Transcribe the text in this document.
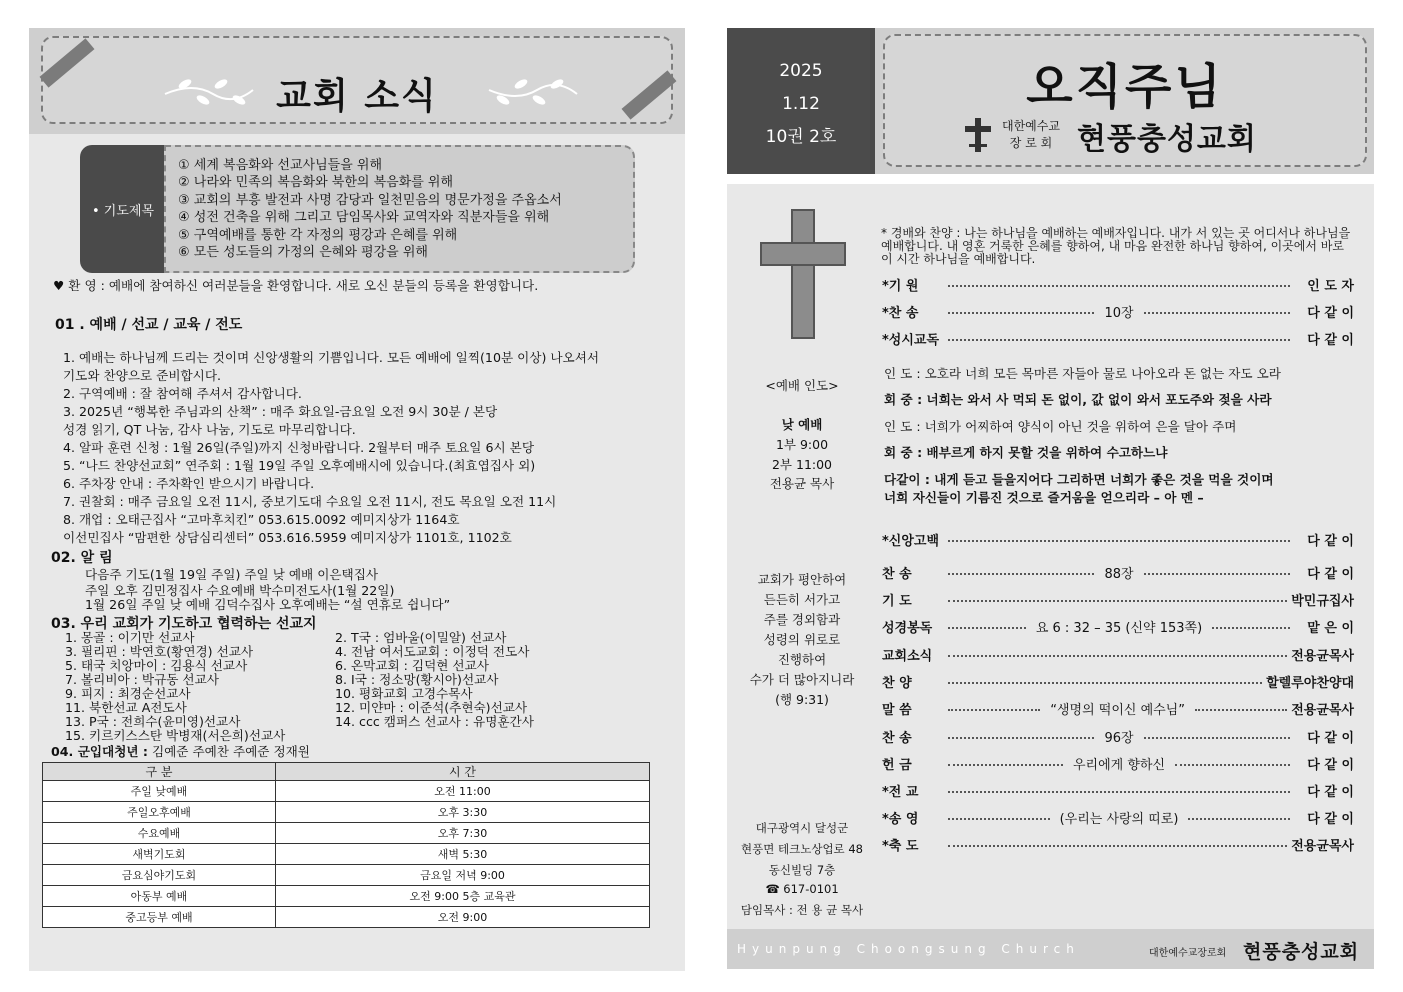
교회 소식
• 기도제목
① 세계 복음화와 선교사님들을 위해
② 나라와 민족의 복음화와 북한의 복음화를 위해
③ 교회의 부흥 발전과 사명 감당과 일천믿음의 명문가정을 주옵소서
④ 성전 건축을 위해 그리고 담임목사와 교역자와 직분자들을 위해
⑤ 구역예배를 통한 각 자정의 평강과 은혜를 위해
⑥ 모든 성도들의 가정의 은혜와 평강을 위해
♥ 환 영 : 예배에 참여하신 여러분들을 환영합니다. 새로 오신 분들의 등록을 환영합니다.
01 . 예배 / 선교 / 교육 / 전도
1. 예배는 하나님께 드리는 것이며 신앙생활의 기쁨입니다. 모든 예배에 일찍(10분 이상) 나오셔서
기도와 찬양으로 준비합시다.
2. 구역예배 : 잘 참여해 주셔서 감사합니다.
3. 2025년 “행복한 주님과의 산책” : 매주 화요일-금요일 오전 9시 30분 / 본당
성경 읽기, QT 나눔, 감사 나눔, 기도로 마무리합니다.
4. 알파 훈련 신청 : 1월 26일(주일)까지 신청바랍니다. 2월부터 매주 토요일 6시 본당
5. “나드 찬양선교회” 연주회 : 1월 19일 주일 오후예배시에 있습니다.(최효엽집사 외)
6. 주차장 안내 : 주차확인 받으시기 바랍니다.
7. 권찰회 : 매주 금요일 오전 11시, 중보기도대 수요일 오전 11시, 전도 목요일 오전 11시
8. 개업 : 오태근집사 “고마후치킨” 053.615.0092 예미지상가 1164호
이선민집사 “맘편한 상담심리센터” 053.616.5959 예미지상가 1101호, 1102호
02. 알 림
다음주 기도(1월 19일 주일) 주일 낮 예배 이은택집사
주일 오후 김민정집사 수요예배 박수미전도사(1월 22일)
1월 26일 주일 낮 예배 김덕수집사 오후예배는 “설 연휴로 쉽니다”
03. 우리 교회가 기도하고 협력하는 선교지
1. 몽골 : 이기만 선교사
3. 필리핀 : 박연호(황연경) 선교사
5. 태국 치앙마이 : 김용식 선교사
7. 볼리비아 : 박규동 선교사
9. 피지 : 최경순선교사
11. 북한선교 A전도사
13. P국 : 전희수(윤미영)선교사
15. 키르키스스탄 박병재(서은희)선교사
2. T국 : 엄바울(이밀알) 선교사
4. 전남 여서도교회 : 이정덕 전도사
6. 온막교회 : 김덕현 선교사
8. I국 : 정소망(황시아)선교사
10. 평화교회 고경수목사
12. 미얀마 : 이준석(추현숙)선교사
14. ccc 캠퍼스 선교사 : 유명훈간사
04. 군입대청년 : 김예준 주예찬 주예준 정재원
구 분	시 간
주일 낮예배	오전 11:00
주일오후예배	오후 3:30
수요예배	오후 7:30
새벽기도회	새벽 5:30
금요심야기도회	금요일 저녁 9:00
아동부 예배	오전 9:00 5층 교육관
중고등부 예배	오전 9:00
2025
1.12
10권 2호
오직주님
대한예수교
장 로 회 현풍충성교회
<예배 인도>
낮 예배
1부 9:00
2부 11:00
전용균 목사
교회가 평안하여
든든히 서가고
주를 경외함과
성령의 위로로
진행하여
수가 더 많아지니라
(행 9:31)
대구광역시 달성군
현풍면 테크노상업로 48
동신빌딩 7층
☎ 617-0101
담임목사 : 전 용 균 목사
* 경배와 찬양 : 나는 하나님을 예배하는 예배자입니다. 내가 서 있는 곳 어디서나 하나님을 예배합니다. 내 영혼 거룩한 은혜를 향하여, 내 마음 완전한 하나님 향하여, 이곳에서 바로 이 시간 하나님을 예배합니다.
*기 원	인 도 자
*찬 송	10장	다 같 이
*성시교독	다 같 이
인 도 : 오호라 너희 모든 목마른 자들아 물로 나아오라 돈 없는 자도 오라
회 중 : 너희는 와서 사 먹되 돈 없이, 값 없이 와서 포도주와 젖을 사라
인 도 : 너희가 어찌하여 양식이 아닌 것을 위하여 은을 달아 주며
회 중 : 배부르게 하지 못할 것을 위하여 수고하느냐
다같이 : 내게 듣고 들을지어다 그리하면 너희가 좋은 것을 먹을 것이며
너희 자신들이 기름진 것으로 즐거움을 얻으리라 – 아 멘 –
*신앙고백	다 같 이
찬 송	88장	다 같 이
기 도	박민규집사
성경봉독	요 6 : 32 – 35 (신약 153쪽)	맡 은 이
교회소식	전용균목사
찬 양	할렐루야찬양대
말 씀	“생명의 떡이신 예수님”	전용균목사
찬 송	96장	다 같 이
헌 금	우리에게 향하신	다 같 이
*전 교	다 같 이
*송 영	(우리는 사랑의 띠로)	다 같 이
*축 도	전용균목사
Hyunpung Choongsung Church	대한예수교장로회 현풍충성교회
